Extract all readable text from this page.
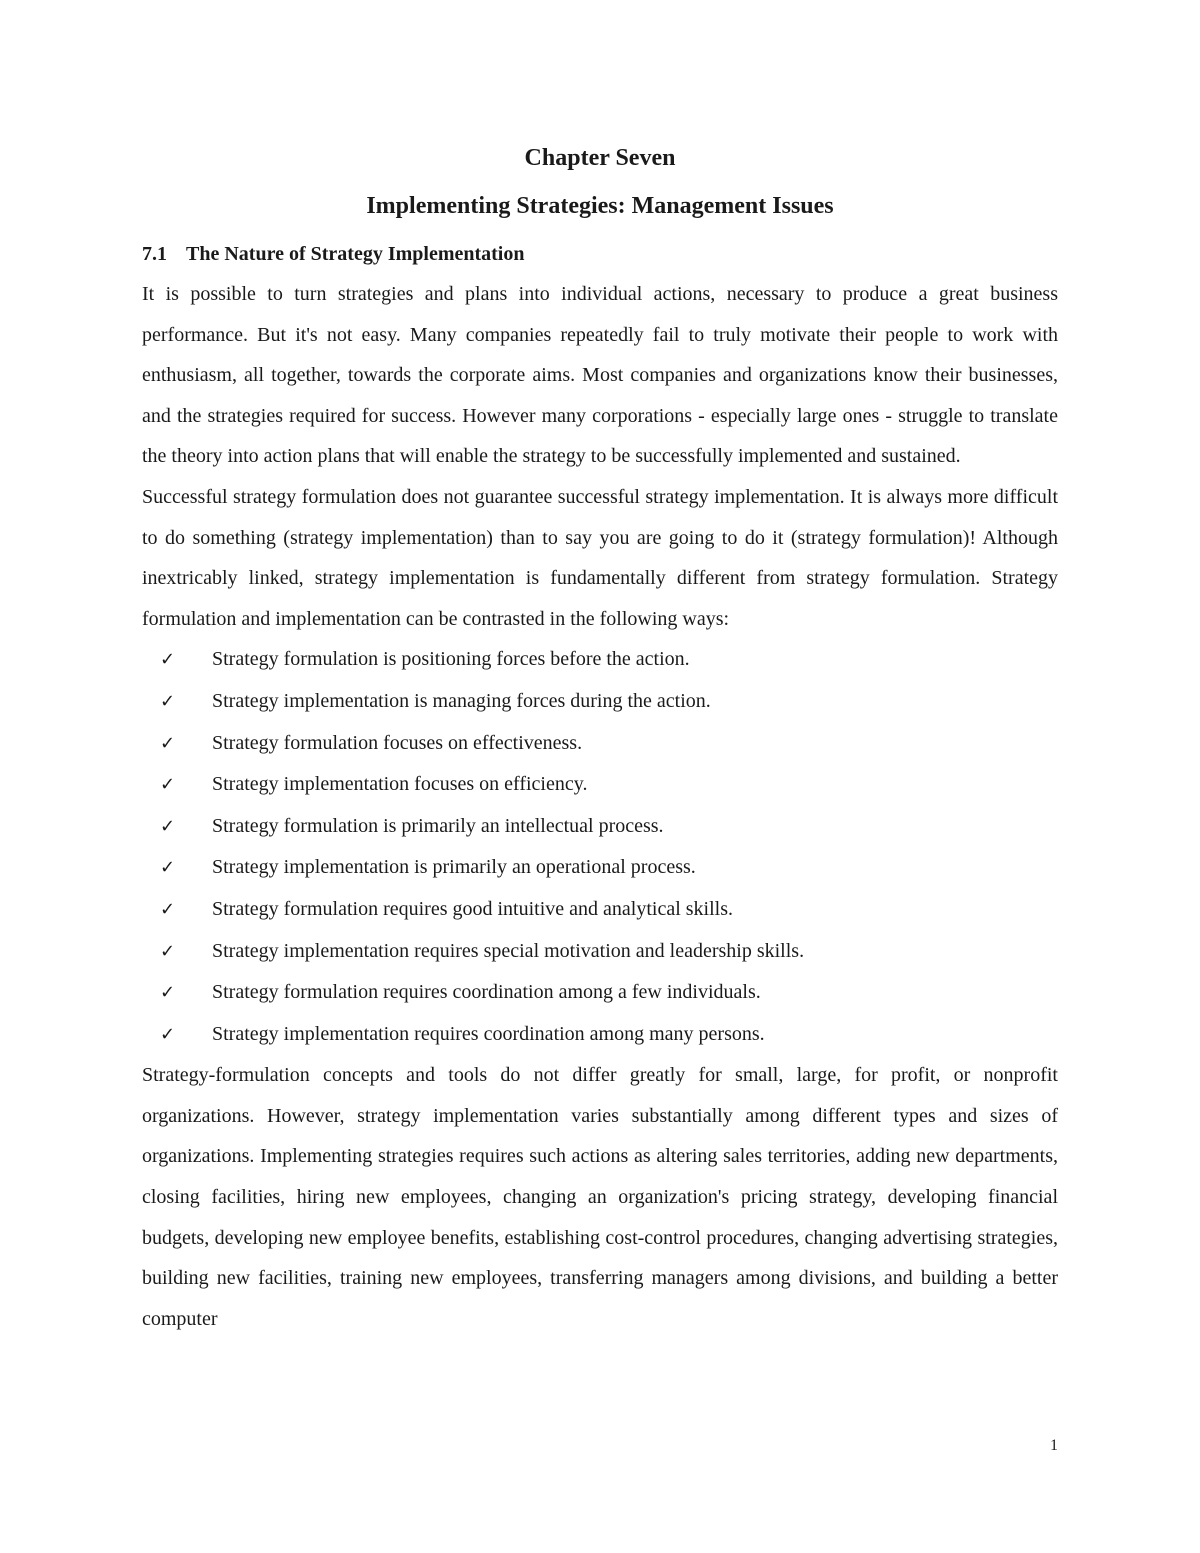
Chapter Seven
Implementing Strategies: Management Issues
7.1 The Nature of Strategy Implementation

It is possible to turn strategies and plans into individual actions, necessary to produce a great business performance. But it's not easy. Many companies repeatedly fail to truly motivate their people to work with enthusiasm, all together, towards the corporate aims. Most companies and organizations know their businesses, and the strategies required for success. However many corporations - especially large ones - struggle to translate the theory into action plans that will enable the strategy to be successfully implemented and sustained.

Successful strategy formulation does not guarantee successful strategy implementation. It is always more difficult to do something (strategy implementation) than to say you are going to do it (strategy formulation)! Although inextricably linked, strategy implementation is fundamentally different from strategy formulation. Strategy formulation and implementation can be contrasted in the following ways:

✓	Strategy formulation is positioning forces before the action.
✓	Strategy implementation is managing forces during the action.
✓	Strategy formulation focuses on effectiveness.
✓	Strategy implementation focuses on efficiency.
✓	Strategy formulation is primarily an intellectual process.
✓	Strategy implementation is primarily an operational process.
✓	Strategy formulation requires good intuitive and analytical skills.
✓	Strategy implementation requires special motivation and leadership skills.
✓	Strategy formulation requires coordination among a few individuals.
✓	Strategy implementation requires coordination among many persons.

Strategy-formulation concepts and tools do not differ greatly for small, large, for profit, or nonprofit organizations. However, strategy implementation varies substantially among different types and sizes of organizations. Implementing strategies requires such actions as altering sales territories, adding new departments, closing facilities, hiring new employees, changing an organization's pricing strategy, developing financial budgets, developing new employee benefits, establishing cost-control procedures, changing advertising strategies, building new facilities, training new employees, transferring managers among divisions, and building a better computer

1
